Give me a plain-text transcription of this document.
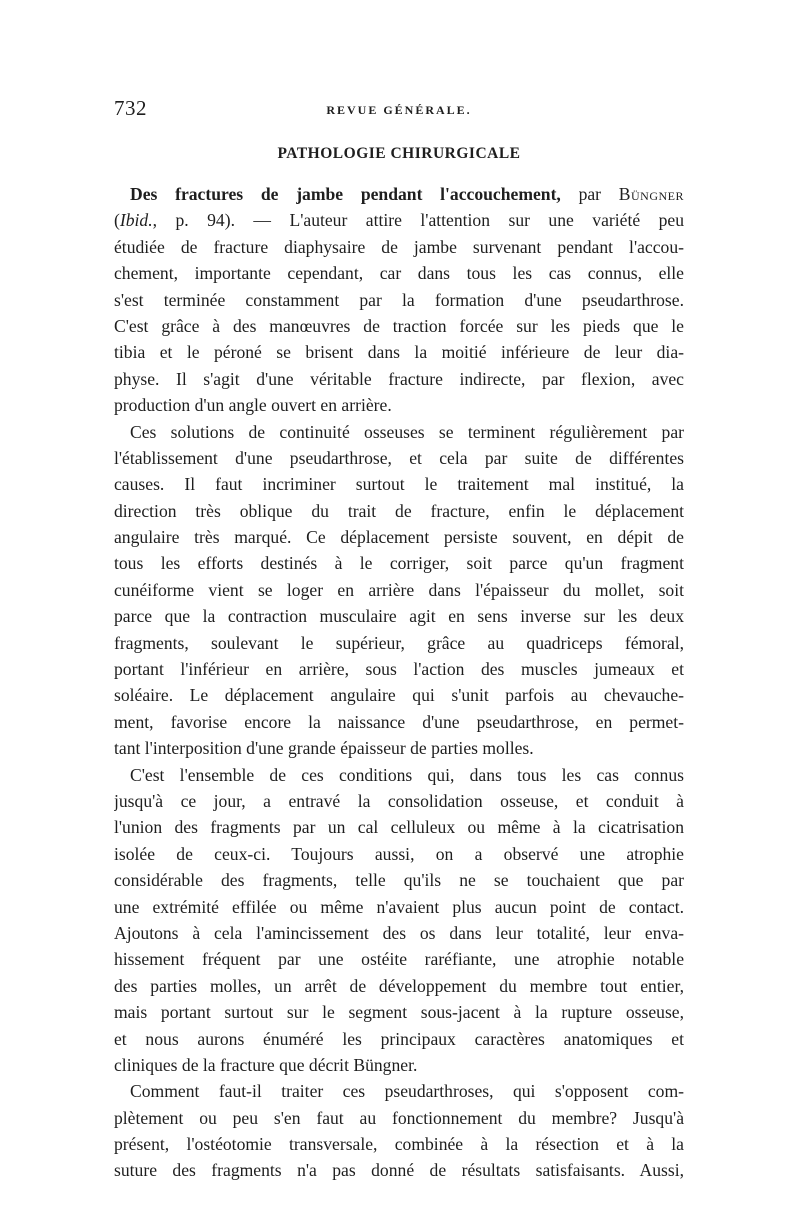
732	REVUE GÉNÉRALE.
PATHOLOGIE CHIRURGICALE
Des fractures de jambe pendant l'accouchement, par Büngner
(Ibid., p. 94). — L'auteur attire l'attention sur une variété peu
étudiée de fracture diaphysaire de jambe survenant pendant l'accou-
chement, importante cependant, car dans tous les cas connus, elle
s'est terminée constamment par la formation d'une pseudarthrose.
C'est grâce à des manœuvres de traction forcée sur les pieds que le
tibia et le péroné se brisent dans la moitié inférieure de leur dia-
physe. Il s'agit d'une véritable fracture indirecte, par flexion, avec
production d'un angle ouvert en arrière.
Ces solutions de continuité osseuses se terminent régulièrement par
l'établissement d'une pseudarthrose, et cela par suite de différentes
causes. Il faut incriminer surtout le traitement mal institué, la
direction très oblique du trait de fracture, enfin le déplacement
angulaire très marqué. Ce déplacement persiste souvent, en dépit de
tous les efforts destinés à le corriger, soit parce qu'un fragment
cunéiforme vient se loger en arrière dans l'épaisseur du mollet, soit
parce que la contraction musculaire agit en sens inverse sur les deux
fragments, soulevant le supérieur, grâce au quadriceps fémoral,
portant l'inférieur en arrière, sous l'action des muscles jumeaux et
soléaire. Le déplacement angulaire qui s'unit parfois au chevauche-
ment, favorise encore la naissance d'une pseudarthrose, en permet-
tant l'interposition d'une grande épaisseur de parties molles.
C'est l'ensemble de ces conditions qui, dans tous les cas connus
jusqu'à ce jour, a entravé la consolidation osseuse, et conduit à
l'union des fragments par un cal celluleux ou même à la cicatrisation
isolée de ceux-ci. Toujours aussi, on a observé une atrophie
considérable des fragments, telle qu'ils ne se touchaient que par
une extrémité effilée ou même n'avaient plus aucun point de contact.
Ajoutons à cela l'amincissement des os dans leur totalité, leur enva-
hissement fréquent par une ostéite raréfiante, une atrophie notable
des parties molles, un arrêt de développement du membre tout entier,
mais portant surtout sur le segment sous-jacent à la rupture osseuse,
et nous aurons énuméré les principaux caractères anatomiques et
cliniques de la fracture que décrit Büngner.
Comment faut-il traiter ces pseudarthroses, qui s'opposent com-
plètement ou peu s'en faut au fonctionnement du membre? Jusqu'à
présent, l'ostéotomie transversale, combinée à la résection et à la
suture des fragments n'a pas donné de résultats satisfaisants. Aussi,
